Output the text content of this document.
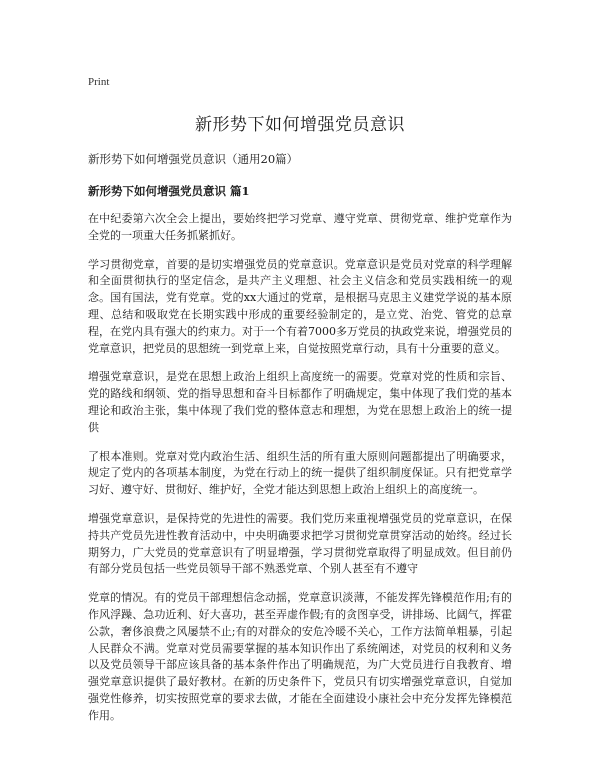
Print
新形势下如何增强党员意识
新形势下如何增强党员意识（通用20篇）
新形势下如何增强党员意识 篇1

在中纪委第六次全会上提出，要始终把学习党章、遵守党章、贯彻党章、维护党章作为全党的一项重大任务抓紧抓好。

学习贯彻党章，首要的是切实增强党员的党章意识。党章意识是党员对党章的科学理解和全面贯彻执行的坚定信念，是共产主义理想、社会主义信念和党员实践相统一的观念。国有国法，党有党章。党的xx大通过的党章，是根据马克思主义建党学说的基本原理、总结和吸取党在长期实践中形成的重要经验制定的，是立党、治党、管党的总章程，在党内具有强大的约束力。对于一个有着7000多万党员的执政党来说，增强党员的党章意识，把党员的思想统一到党章上来，自觉按照党章行动，具有十分重要的意义。

增强党章意识，是党在思想上政治上组织上高度统一的需要。党章对党的性质和宗旨、党的路线和纲领、党的指导思想和奋斗目标都作了明确规定，集中体现了我们党的基本理论和政治主张，集中体现了我们党的整体意志和理想，为党在思想上政治上的统一提供

了根本准则。党章对党内政治生活、组织生活的所有重大原则问题都提出了明确要求，规定了党内的各项基本制度，为党在行动上的统一提供了组织制度保证。只有把党章学习好、遵守好、贯彻好、维护好，全党才能达到思想上政治上组织上的高度统一。

增强党章意识，是保持党的先进性的需要。我们党历来重视增强党员的党章意识，在保持共产党员先进性教育活动中，中央明确要求把学习贯彻党章贯穿活动的始终。经过长期努力，广大党员的党章意识有了明显增强，学习贯彻党章取得了明显成效。但目前仍有部分党员包括一些党员领导干部不熟悉党章、个别人甚至有不遵守

党章的情况。有的党员干部理想信念动摇，党章意识淡薄，不能发挥先锋模范作用;有的作风浮躁、急功近利、好大喜功，甚至弄虚作假;有的贪图享受，讲排场、比阔气，挥霍公款，奢侈浪费之风屡禁不止;有的对群众的安危冷暖不关心，工作方法简单粗暴，引起人民群众不满。党章对党员需要掌握的基本知识作出了系统阐述，对党员的权利和义务以及党员领导干部应该具备的基本条件作出了明确规范，为广大党员进行自我教育、增强党章意识提供了最好教材。在新的历史条件下，党员只有切实增强党章意识，自觉加强党性修养，切实按照党章的要求去做，才能在全面建设小康社会中充分发挥先锋模范作用。
